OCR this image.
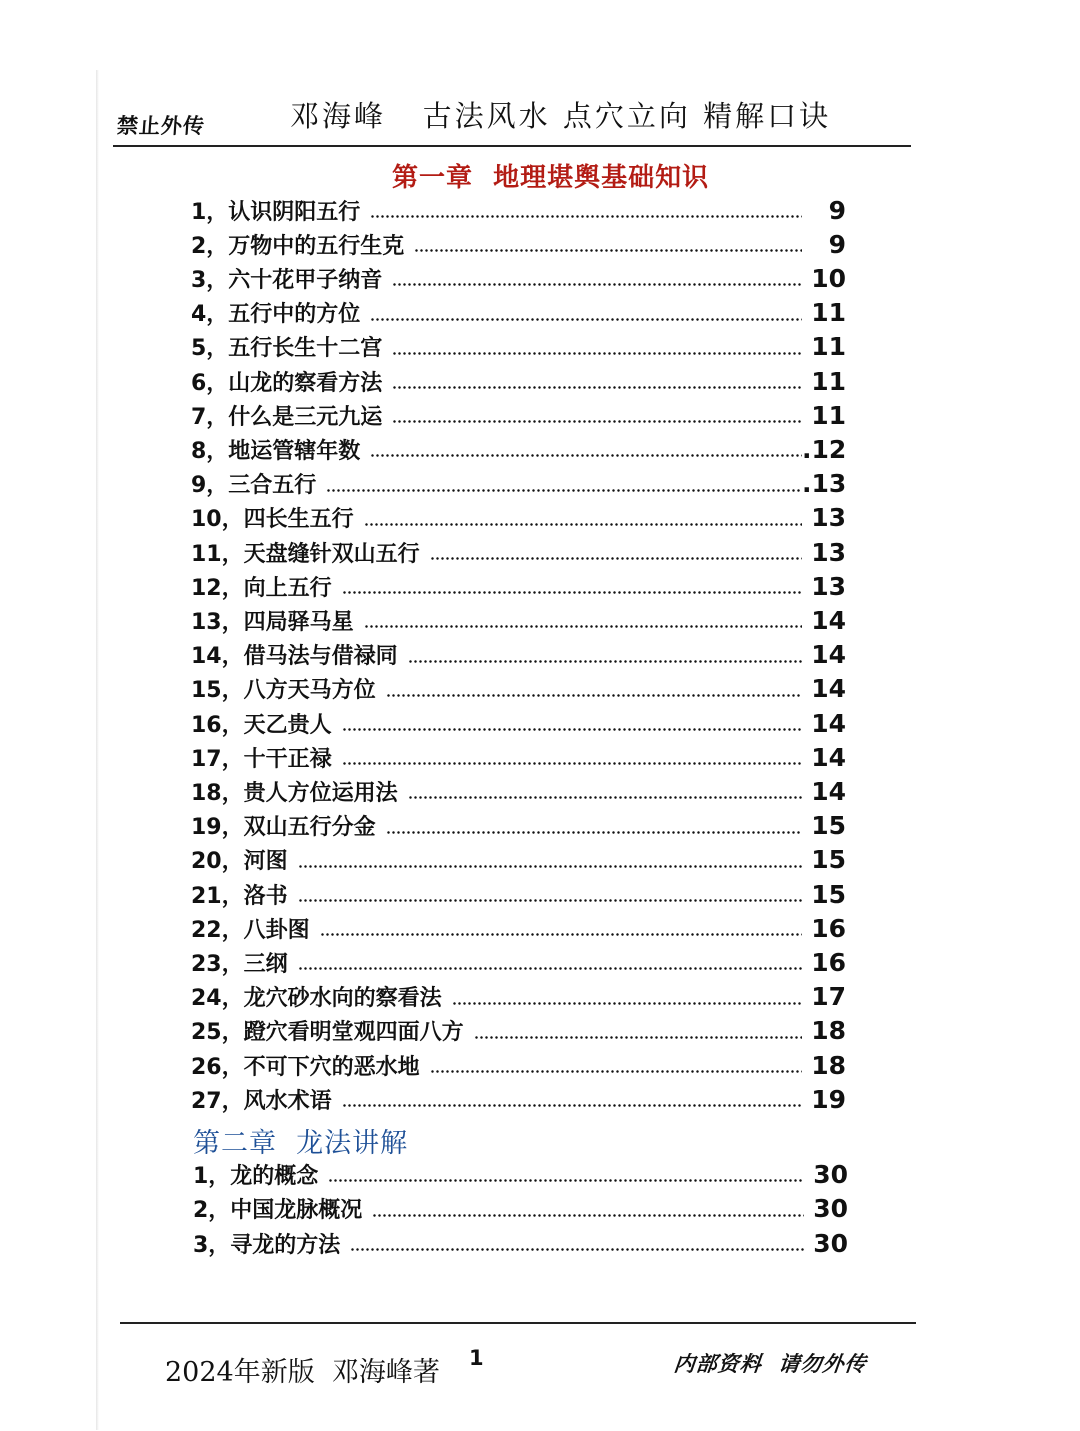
禁止外传	邓海峰   古法风水 点穴立向 精解口诀
第一章  地理堪舆基础知识
1，认识阴阳五行	9
2，万物中的五行生克	9
3，六十花甲子纳音	10
4，五行中的方位	11
5，五行长生十二宫	11
6，山龙的察看方法	11
7，什么是三元九运	11
8，地运管辖年数	.12
9，三合五行	.13
10，四长生五行	13
11，天盘缝针双山五行	13
12，向上五行	13
13，四局驿马星	14
14，借马法与借禄同	14
15，八方天马方位	14
16，天乙贵人	14
17，十干正禄	14
18，贵人方位运用法	14
19，双山五行分金	15
20，河图	15
21，洛书	15
22，八卦图	16
23，三纲	16
24，龙穴砂水向的察看法	17
25，蹬穴看明堂观四面八方	18
26，不可下穴的恶水地	18
27，风水术语	19
第二章  龙法讲解
1，龙的概念	30
2，中国龙脉概况	30
3，寻龙的方法	30
2024年新版  邓海峰著 1	内部资料  请勿外传
